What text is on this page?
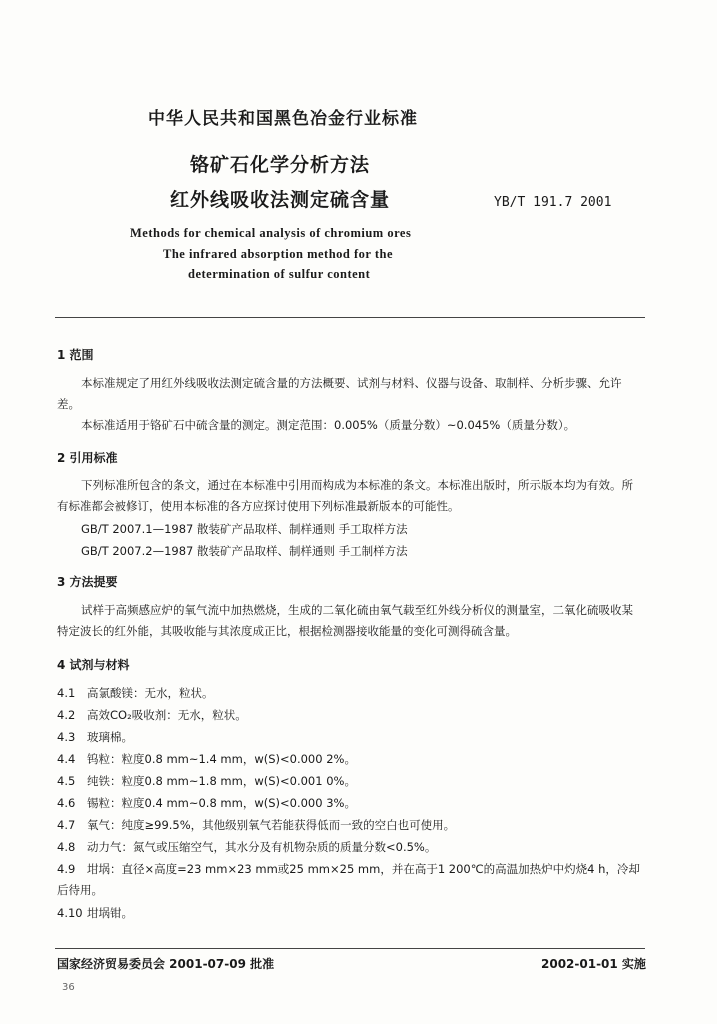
中华人民共和国黑色冶金行业标准
铬矿石化学分析方法
红外线吸收法测定硫含量	YB/T 191.7 2001
Methods for chemical analysis of chromium ores
The infrared absorption method for the
determination of sulfur content
1 范围
本标准规定了用红外线吸收法测定硫含量的方法概要、试剂与材料、仪器与设备、取制样、分析步骤、允许差。
本标准适用于铬矿石中硫含量的测定。测定范围：0.005%（质量分数）~0.045%（质量分数）。
2 引用标准
下列标准所包含的条文，通过在本标准中引用而构成为本标准的条文。本标准出版时，所示版本均为有效。所有标准都会被修订，使用本标准的各方应探讨使用下列标准最新版本的可能性。
GB/T 2007.1—1987 散装矿产品取样、制样通则 手工取样方法
GB/T 2007.2—1987 散装矿产品取样、制样通则 手工制样方法
3 方法提要
试样于高频感应炉的氧气流中加热燃烧，生成的二氧化硫由氧气载至红外线分析仪的测量室，二氧化硫吸收某特定波长的红外能，其吸收能与其浓度成正比，根据检测器接收能量的变化可测得硫含量。
4 试剂与材料
4.1 高氯酸镁：无水，粒状。
4.2 高效CO₂吸收剂：无水，粒状。
4.3 玻璃棉。
4.4 钨粒：粒度0.8 mm~1.4 mm，w(S)<0.000 2%。
4.5 纯铁：粒度0.8 mm~1.8 mm，w(S)<0.001 0%。
4.6 锡粒：粒度0.4 mm~0.8 mm，w(S)<0.000 3%。
4.7 氧气：纯度≥99.5%，其他级别氧气若能获得低而一致的空白也可使用。
4.8 动力气：氮气或压缩空气，其水分及有机物杂质的质量分数<0.5%。
4.9 坩埚：直径×高度=23 mm×23 mm或25 mm×25 mm，并在高于1 200℃的高温加热炉中灼烧4 h，冷却后待用。
4.10 坩埚钳。
国家经济贸易委员会 2001-07-09 批准	2002-01-01 实施
36
